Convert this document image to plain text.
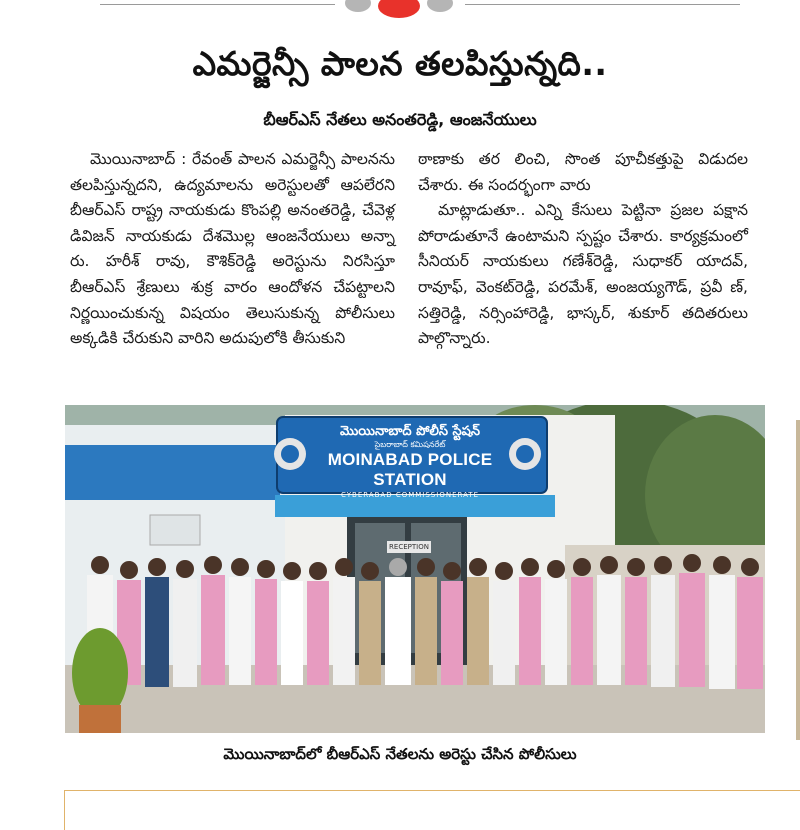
ఎమర్జెన్సీ పాలన తలపిస్తున్నది..
బీఆర్ఎస్ నేతలు అనంతరెడ్డి, ఆంజనేయులు

మొయినాబాద్ : రేవంత్ పాలన ఎమర్జెన్సీ పాలనను తలపిస్తున్నదని, ఉద్యమాలను అరెస్టులతో ఆపలేరని బీఆర్ఎస్ రాష్ట్ర నాయకుడు కొంపల్లి అనంతరెడ్డి, చేవెళ్ల డివిజన్ నాయకుడు దేశమొల్ల ఆంజనేయులు అన్నా రు. హరీశ్ రావు, కౌశిక్‌రెడ్డి అరెస్టును నిరసిస్తూ బీఆర్ఎస్ శ్రేణులు శుక్ర వారం ఆందోళన చేపట్టాలని నిర్ణయించుకున్న విషయం తెలుసుకున్న పోలీసులు అక్కడికి చేరుకుని వారిని అదుపులోకి తీసుకుని

ఠాణాకు తర లించి, సొంత పూచీకత్తుపై విడుదల చేశారు. ఈ సందర్భంగా వారు

మాట్లాడుతూ.. ఎన్ని కేసులు పెట్టినా ప్రజల పక్షాన పోరాడుతూనే ఉంటామని స్పష్టం చేశారు. కార్యక్రమంలో సీనియర్ నాయకులు గణేశ్‌రెడ్డి, సుధాకర్ యాదవ్, రావూఫ్, వెంకట్‌రెడ్డి, పరమేశ్, అంజయ్యగౌడ్, ప్రవీ ణ్, సత్తిరెడ్డి, నర్సింహారెడ్డి, భాస్కర్, శుకూర్ తదితరులు పాల్గొన్నారు.

మొయినాబాద్ పోలీస్ స్టేషన్
సైబరాబాద్ కమిషనరేట్
MOINABAD POLICE STATION
CYBERABAD COMMISSIONERATE
RECEPTION
మొయినాబాద్‌లో బీఆర్ఎస్ నేతలను అరెస్టు చేసిన పోలీసులు
